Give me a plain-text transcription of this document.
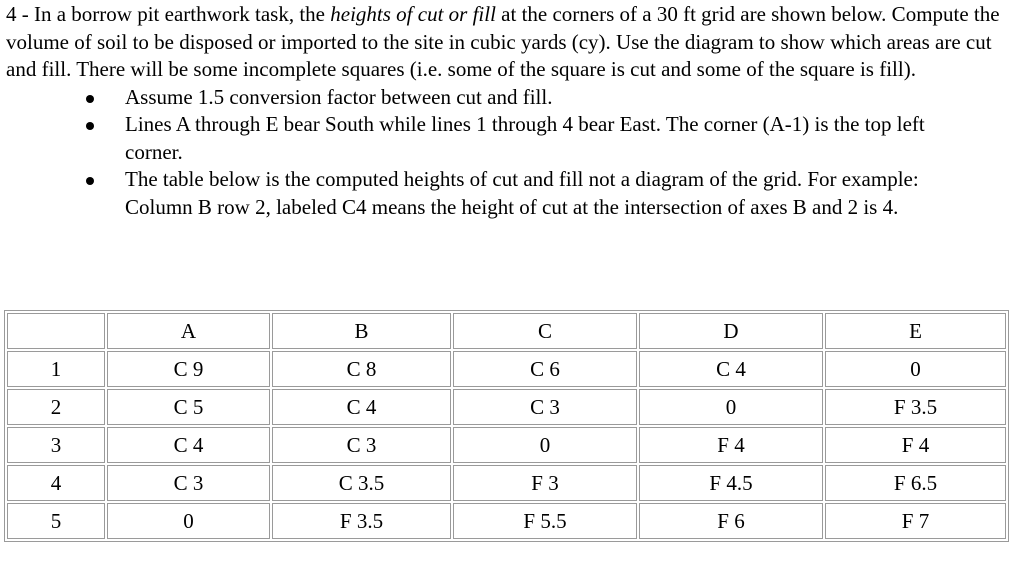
4 - In a borrow pit earthwork task, the heights of cut or fill at the corners of a 30 ft grid are shown below. Compute the volume of soil to be disposed or imported to the site in cubic yards (cy). Use the diagram to show which areas are cut and fill. There will be some incomplete squares (i.e. some of the square is cut and some of the square is fill).

Assume 1.5 conversion factor between cut and fill.
Lines A through E bear South while lines 1 through 4 bear East. The corner (A-1) is the top left corner.
The table below is the computed heights of cut and fill not a diagram of the grid. For example: Column B row 2, labeled C4 means the height of cut at the intersection of axes B and 2 is 4.
	A	B	C	D	E
1	C 9	C 8	C 6	C 4	0
2	C 5	C 4	C 3	0	F 3.5
3	C 4	C 3	0	F 4	F 4
4	C 3	C 3.5	F 3	F 4.5	F 6.5
5	0	F 3.5	F 5.5	F 6	F 7
